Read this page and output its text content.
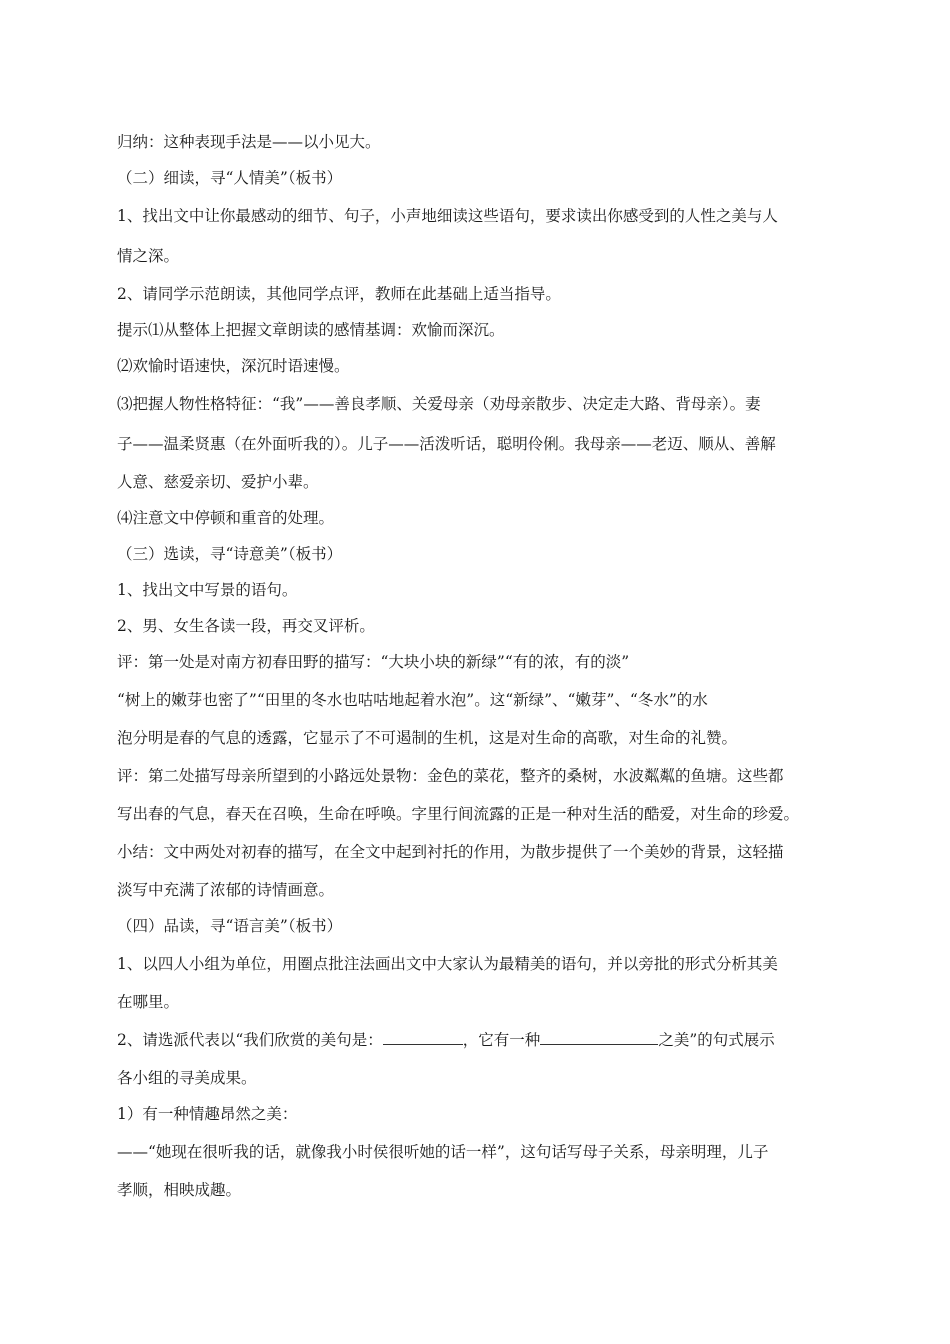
归纳：这种表现手法是——以小见大。

（二）细读，寻“人情美”（板书）

1、找出文中让你最感动的细节、句子，小声地细读这些语句，要求读出你感受到的人性之美与人

情之深。

2、请同学示范朗读，其他同学点评，教师在此基础上适当指导。

提示⑴从整体上把握文章朗读的感情基调：欢愉而深沉。

⑵欢愉时语速快，深沉时语速慢。

⑶把握人物性格特征：“我”——善良孝顺、关爱母亲（劝母亲散步、决定走大路、背母亲）。妻

子——温柔贤惠（在外面听我的）。儿子——活泼听话，聪明伶俐。我母亲——老迈、顺从、善解

人意、慈爱亲切、爱护小辈。

⑷注意文中停顿和重音的处理。

（三）选读，寻“诗意美”（板书）

1、找出文中写景的语句。

2、男、女生各读一段，再交叉评析。

评：第一处是对南方初春田野的描写：“大块小块的新绿”“有的浓，有的淡”

“树上的嫩芽也密了”“田里的冬水也咕咕地起着水泡”。这“新绿”、“嫩芽”、“冬水”的水

泡分明是春的气息的透露，它显示了不可遏制的生机，这是对生命的高歌，对生命的礼赞。

评：第二处描写母亲所望到的小路远处景物：金色的菜花，整齐的桑树，水波粼粼的鱼塘。这些都

写出春的气息，春天在召唤，生命在呼唤。字里行间流露的正是一种对生活的酷爱，对生命的珍爱。

小结：文中两处对初春的描写，在全文中起到衬托的作用，为散步提供了一个美妙的背景，这轻描

淡写中充满了浓郁的诗情画意。

（四）品读，寻“语言美”（板书）

1、以四人小组为单位，用圈点批注法画出文中大家认为最精美的语句，并以旁批的形式分析其美

在哪里。

2、请选派代表以“我们欣赏的美句是：	，它有一种	之美”的句式展示

各小组的寻美成果。

1）有一种情趣昂然之美：

——“她现在很听我的话，就像我小时侯很听她的话一样”，这句话写母子关系，母亲明理，儿子

孝顺，相映成趣。
